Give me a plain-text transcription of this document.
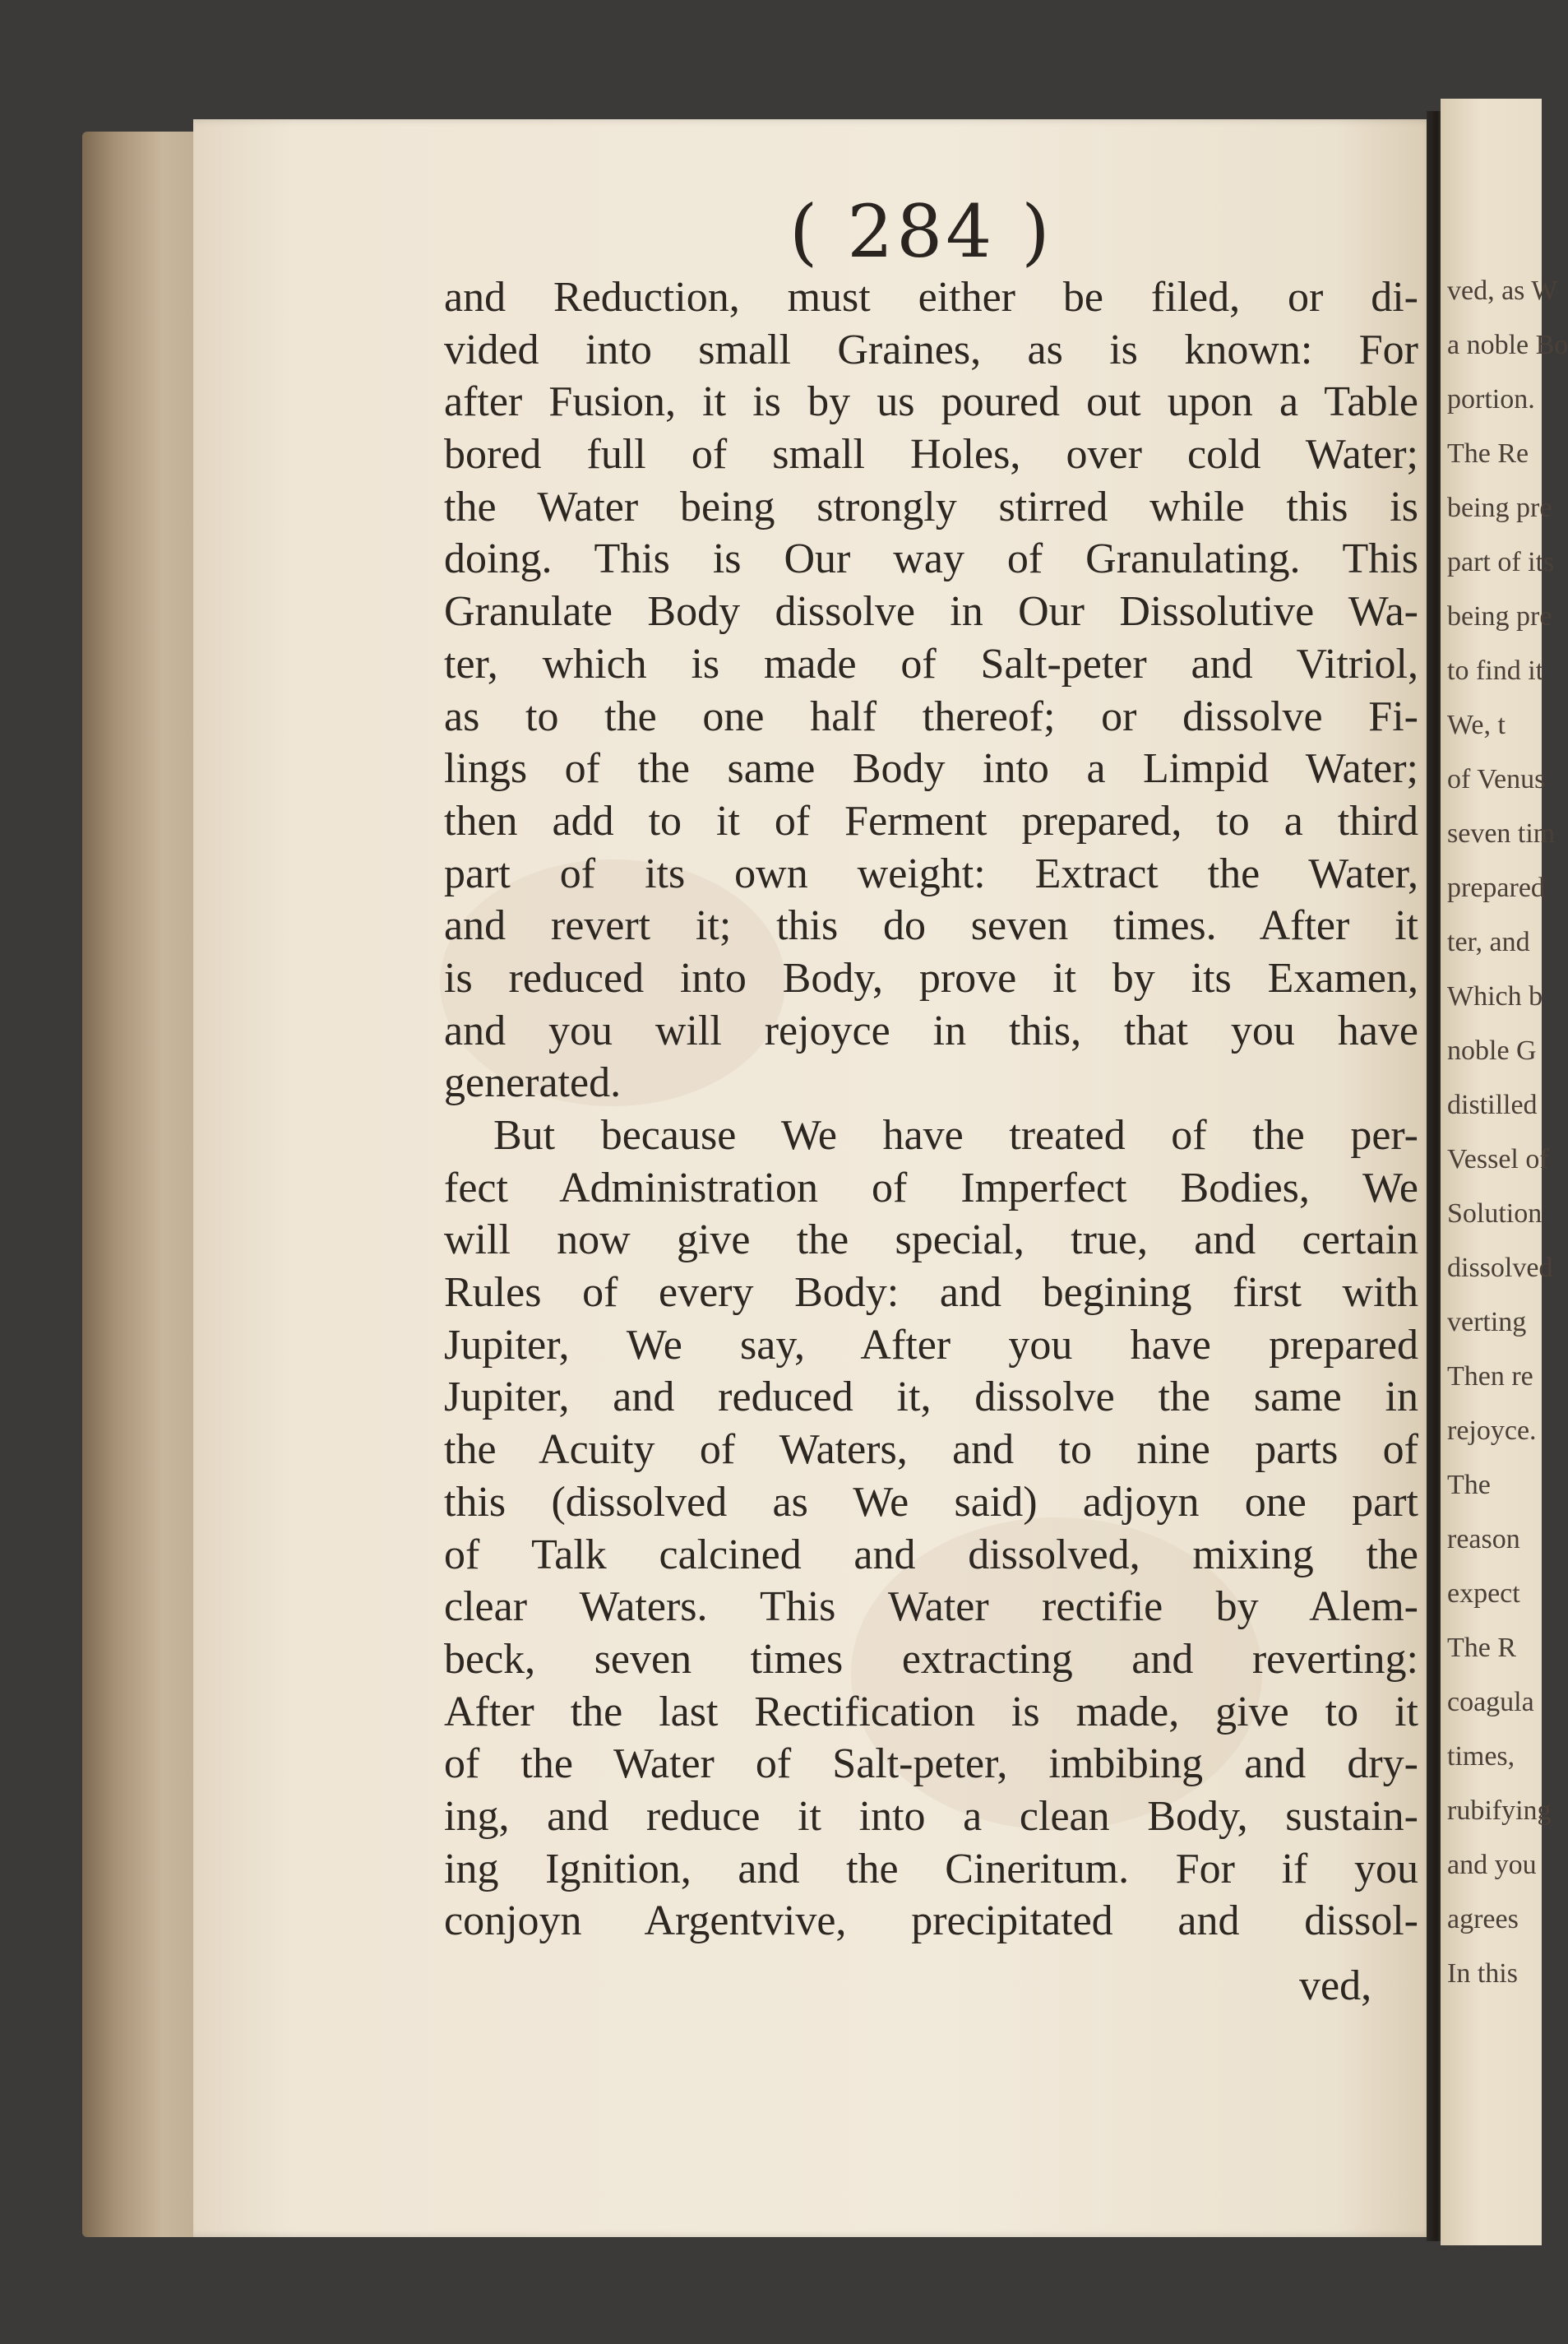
ved, as W
a noble Bo
portion.
The Re
being pre
part of its
being pre
to find it
We, t
of Venus
seven tim
prepared
ter, and
Which b
noble G
distilled
Vessel of
Solution
dissolved
verting
Then re
rejoyce.
The
reason
expect
The R
coagula
times,
rubifying
and you
agrees
In this
( 284 )
and Reduction, must either be filed, or di-
vided into small Graines, as is known: For
after Fusion, it is by us poured out upon a Table
bored full of small Holes, over cold Water;
the Water being strongly stirred while this is
doing. This is Our way of Granulating. This
Granulate Body dissolve in Our Dissolutive Wa-
ter, which is made of Salt-peter and Vitriol,
as to the one half thereof; or dissolve Fi-
lings of the same Body into a Limpid Water;
then add to it of Ferment prepared, to a third
part of its own weight: Extract the Water,
and revert it; this do seven times. After it
is reduced into Body, prove it by its Examen,
and you will rejoyce in this, that you have
generated.
But because We have treated of the per-
fect Administration of Imperfect Bodies, We
will now give the special, true, and certain
Rules of every Body: and begining first with
Jupiter, We say, After you have prepared
Jupiter, and reduced it, dissolve the same in
the Acuity of Waters, and to nine parts of
this (dissolved as We said) adjoyn one part
of Talk calcined and dissolved, mixing the
clear Waters. This Water rectifie by Alem-
beck, seven times extracting and reverting:
After the last Rectification is made, give to it
of the Water of Salt-peter, imbibing and dry-
ing, and reduce it into a clean Body, sustain-
ing Ignition, and the Cineritum. For if you
conjoyn Argentvive, precipitated and dissol-
ved,
